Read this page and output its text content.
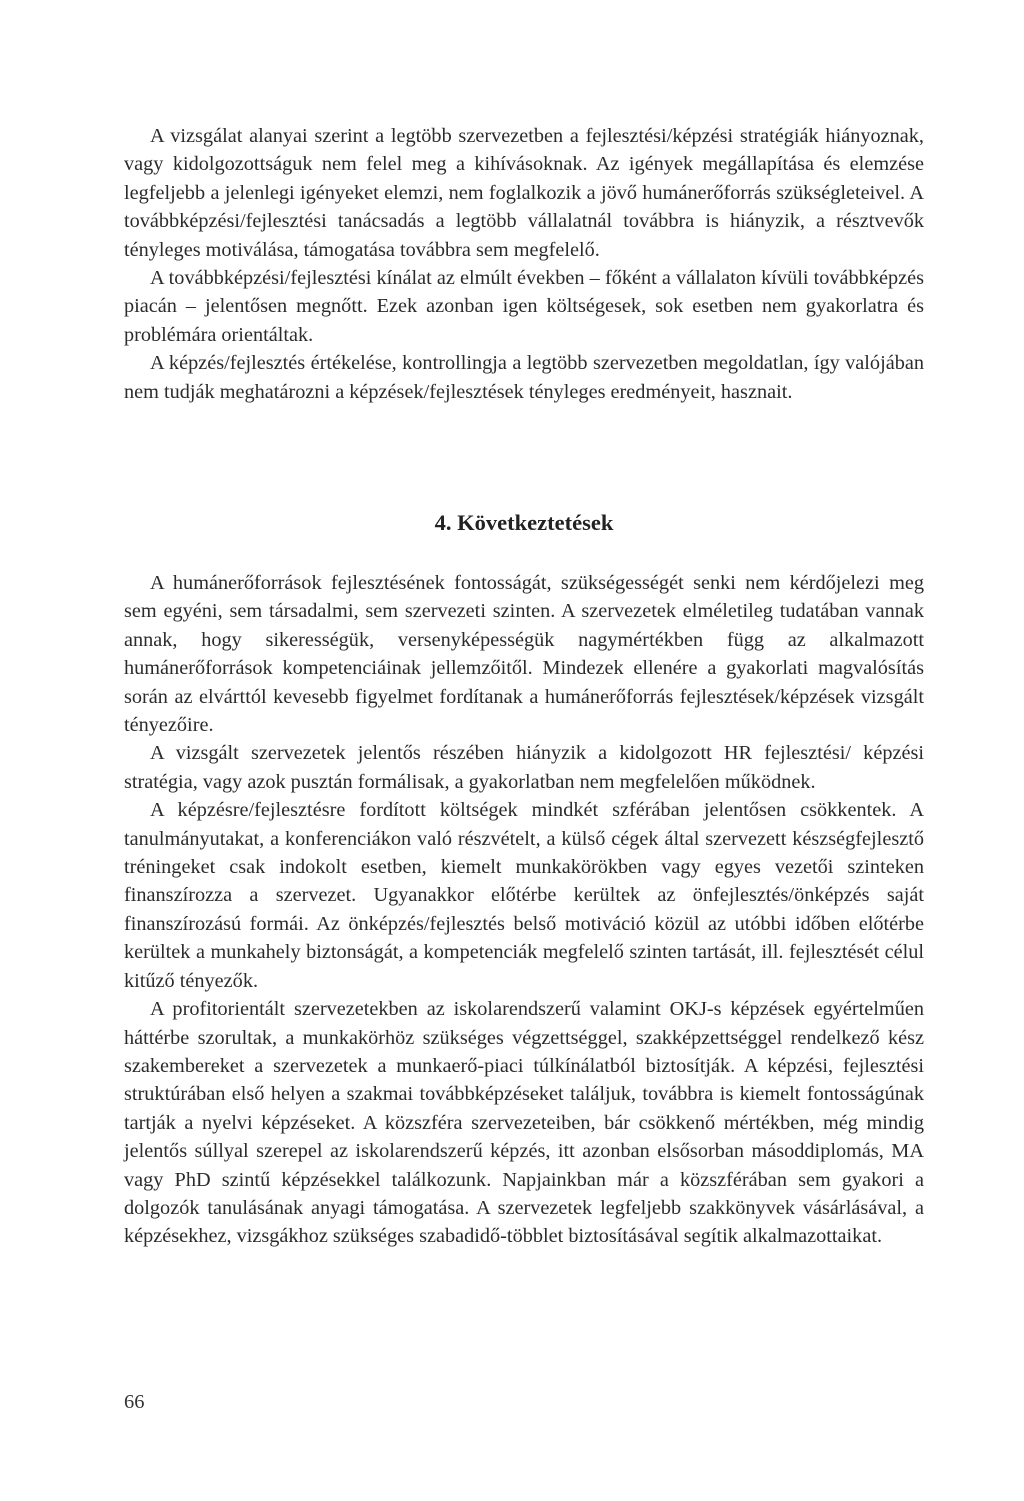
A vizsgálat alanyai szerint a legtöbb szervezetben a fejlesztési/képzési stratégiák hiányoznak, vagy kidolgozottságuk nem felel meg a kihívásoknak. Az igények megállapítása és elemzése legfeljebb a jelenlegi igényeket elemzi, nem foglalkozik a jövő humánerőforrás szükségleteivel. A továbbképzési/fejlesztési tanácsadás a legtöbb vállalatnál továbbra is hiányzik, a résztvevők tényleges motiválása, támogatása továbbra sem megfelelő.

A továbbképzési/fejlesztési kínálat az elmúlt években – főként a vállalaton kívüli továbbképzés piacán – jelentősen megnőtt. Ezek azonban igen költségesek, sok esetben nem gyakorlatra és problémára orientáltak.

A képzés/fejlesztés értékelése, kontrollingja a legtöbb szervezetben megoldatlan, így valójában nem tudják meghatározni a képzések/fejlesztések tényleges eredményeit, hasznait.

4. Következtetések

A humánerőforrások fejlesztésének fontosságát, szükségességét senki nem kérdőjelezi meg sem egyéni, sem társadalmi, sem szervezeti szinten. A szervezetek elméletileg tudatában vannak annak, hogy sikerességük, versenyképességük nagymértékben függ az alkalmazott humánerőforrások kompetenciáinak jellemzőitől. Mindezek ellenére a gyakorlati magvalósítás során az elvárttól kevesebb figyelmet fordítanak a humánerőforrás fejlesztések/képzések vizsgált tényezőire.

A vizsgált szervezetek jelentős részében hiányzik a kidolgozott HR fejlesztési/ képzési stratégia, vagy azok pusztán formálisak, a gyakorlatban nem megfelelően működnek.

A képzésre/fejlesztésre fordított költségek mindkét szférában jelentősen csökkentek. A tanulmányutakat, a konferenciákon való részvételt, a külső cégek által szervezett készségfejlesztő tréningeket csak indokolt esetben, kiemelt munkakörökben vagy egyes vezetői szinteken finanszírozza a szervezet. Ugyanakkor előtérbe kerültek az önfejlesztés/önképzés saját finanszírozású formái. Az önképzés/fejlesztés belső motiváció közül az utóbbi időben előtérbe kerültek a munkahely biztonságát, a kompetenciák megfelelő szinten tartását, ill. fejlesztését célul kitűző tényezők.

A profitorientált szervezetekben az iskolarendszerű valamint OKJ-s képzések egyértelműen háttérbe szorultak, a munkakörhöz szükséges végzettséggel, szakképzettséggel rendelkező kész szakembereket a szervezetek a munkaerő-piaci túlkínálatból biztosítják. A képzési, fejlesztési struktúrában első helyen a szakmai továbbképzéseket találjuk, továbbra is kiemelt fontosságúnak tartják a nyelvi képzéseket. A közszféra szervezeteiben, bár csökkenő mértékben, még mindig jelentős súllyal szerepel az iskolarendszerű képzés, itt azonban elsősorban másoddiplomás, MA vagy PhD szintű képzésekkel találkozunk. Napjainkban már a közszférában sem gyakori a dolgozók tanulásának anyagi támogatása. A szervezetek legfeljebb szakkönyvek vásárlásával, a képzésekhez, vizsgákhoz szükséges szabadidő-többlet biztosításával segítik alkalmazottaikat.

66
